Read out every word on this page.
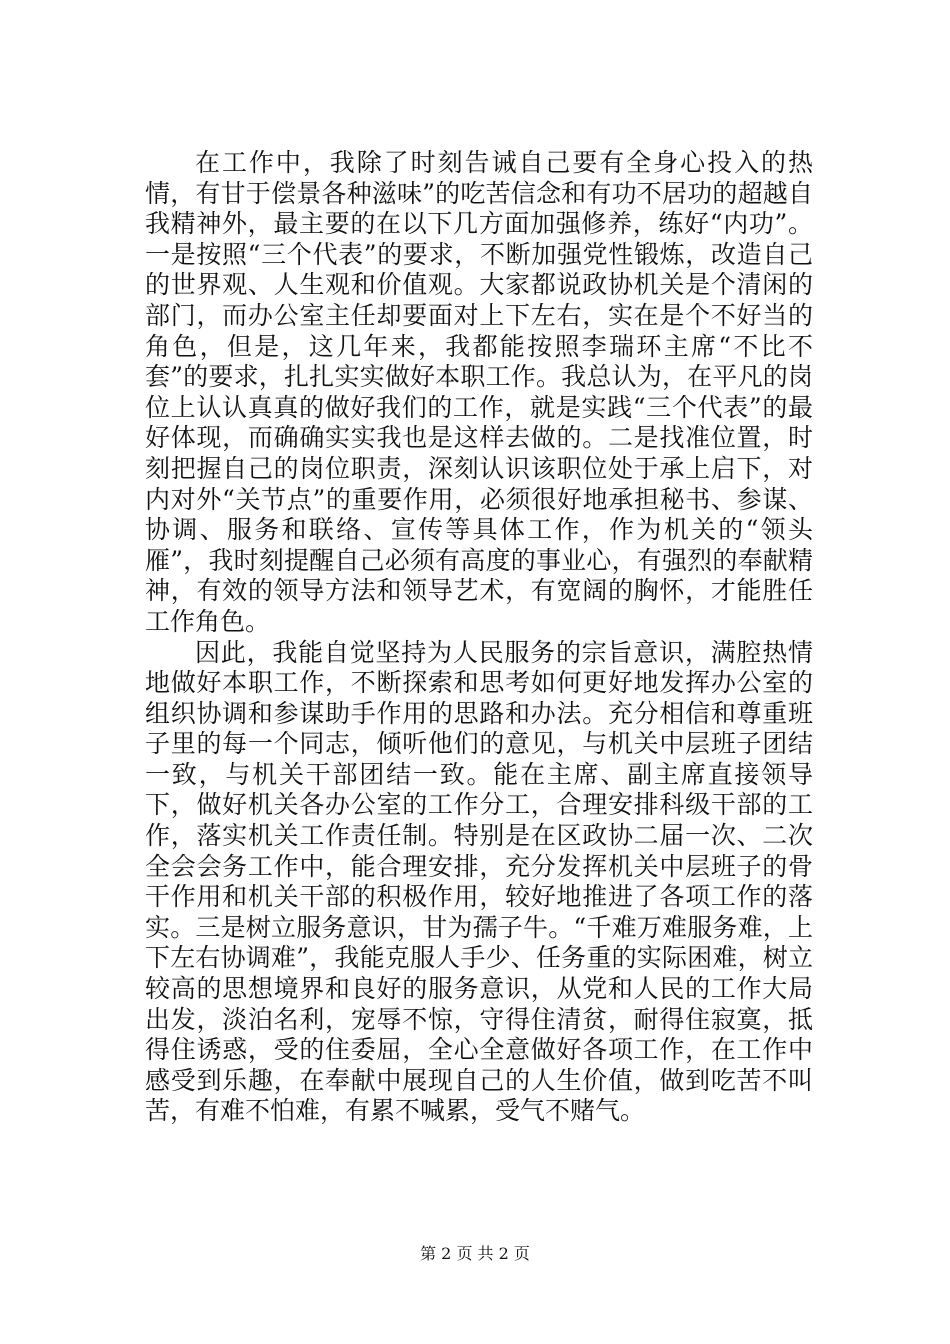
在工作中，我除了时刻告诫自己要有全身心投入的热情，有甘于偿景各种滋味”的吃苦信念和有功不居功的超越自我精神外，最主要的在以下几方面加强修养，练好“内功”。一是按照“三个代表”的要求，不断加强党性锻炼，改造自己的世界观、人生观和价值观。大家都说政协机关是个清闲的部门，而办公室主任却要面对上下左右，实在是个不好当的角色，但是，这几年来，我都能按照李瑞环主席“不比不套”的要求，扎扎实实做好本职工作。我总认为，在平凡的岗位上认认真真的做好我们的工作，就是实践“三个代表”的最好体现，而确确实实我也是这样去做的。二是找准位置，时刻把握自己的岗位职责，深刻认识该职位处于承上启下，对内对外“关节点”的重要作用，必须很好地承担秘书、参谋、协调、服务和联络、宣传等具体工作，作为机关的“领头雁”，我时刻提醒自己必须有高度的事业心，有强烈的奉献精神，有效的领导方法和领导艺术，有宽阔的胸怀，才能胜任工作角色。

因此，我能自觉坚持为人民服务的宗旨意识，满腔热情地做好本职工作，不断探索和思考如何更好地发挥办公室的组织协调和参谋助手作用的思路和办法。充分相信和尊重班子里的每一个同志，倾听他们的意见，与机关中层班子团结一致，与机关干部团结一致。能在主席、副主席直接领导下，做好机关各办公室的工作分工，合理安排科级干部的工作，落实机关工作责任制。特别是在区政协二届一次、二次全会会务工作中，能合理安排，充分发挥机关中层班子的骨干作用和机关干部的积极作用，较好地推进了各项工作的落实。三是树立服务意识，甘为孺子牛。“千难万难服务难，上下左右协调难”，我能克服人手少、任务重的实际困难，树立较高的思想境界和良好的服务意识，从党和人民的工作大局出发，淡泊名利，宠辱不惊，守得住清贫，耐得住寂寞，抵得住诱惑，受的住委屈，全心全意做好各项工作，在工作中感受到乐趣，在奉献中展现自己的人生价值，做到吃苦不叫苦，有难不怕难，有累不喊累，受气不赌气。

第 2 页 共 2 页
